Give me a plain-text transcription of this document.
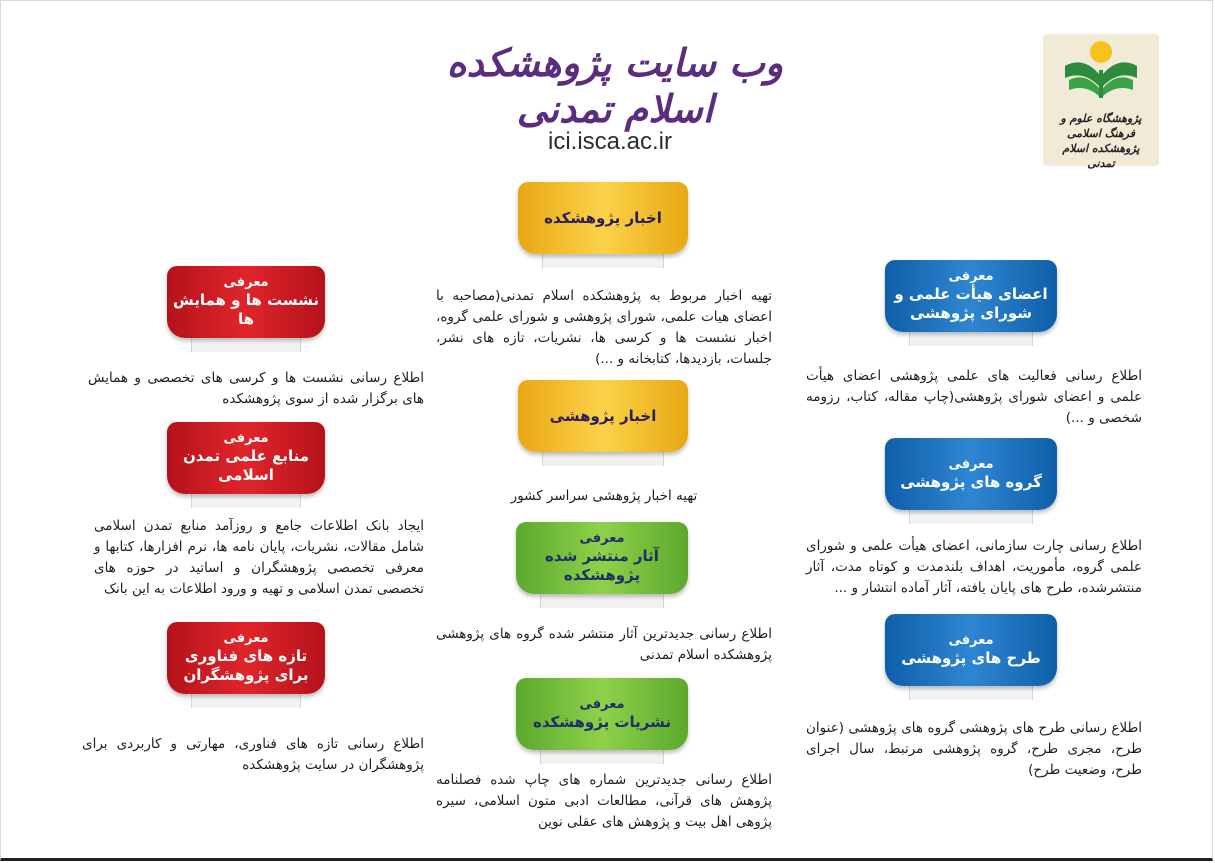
وب سایت پژوهشکده اسلام تمدنی
ici.isca.ac.ir
پژوهشگاه علوم و فرهنگ اسلامی پژوهشکده اسلام تمدنی
معرفی
نشست ها و همایش ها
اطلاع رسانی نشست ها و کرسی های تخصصی و همایش های برگزار شده از سوی پژوهشکده
معرفی
منابع علمی تمدن اسلامی
ایجاد بانک اطلاعات جامع و روزآمد منابع تمدن اسلامی شامل مقالات، نشریات، پایان نامه ها، نرم افزارها، کتابها و معرفی تخصصی پژوهشگران و اساتید در حوزه های تخصصی تمدن اسلامی و تهیه و ورود اطلاعات به این بانک
معرفی
تازه های فناوری برای پژوهشگران
اطلاع رسانی تازه های فناوری، مهارتی و کاربردی برای پژوهشگران در سایت پژوهشکده
اخبار پژوهشکده
تهیه اخبار مربوط به پژوهشکده اسلام تمدنی(مصاحبه با اعضای هیات علمی، شورای پژوهشی و شورای علمی گروه، اخبار نشست ها و کرسی ها، نشریات، تازه های نشر، جلسات، بازدیدها، کتابخانه و ...)
اخبار پژوهشی
تهیه اخبار پژوهشی سراسر کشور
معرفی
آثار منتشر شده پژوهشکده
اطلاع رسانی جدیدترین آثار منتشر شده گروه های پژوهشی پژوهشکده اسلام تمدنی
معرفی
نشریات پژوهشکده
اطلاع رسانی جدیدترین شماره های چاپ شده فصلنامه پژوهش های قرآنی، مطالعات ادبی متون اسلامی، سیره پژوهی اهل بیت و پژوهش های عقلی نوین
معرفی
اعضای هیأت علمی و شورای پژوهشی
اطلاع رسانی فعالیت های علمی پژوهشی اعضای هیأت علمی و اعضای شورای پژوهشی(چاپ مقاله، کتاب، رزومه شخصی و ...)
معرفی
گروه های پژوهشی
اطلاع رسانی چارت سازمانی، اعضای هیأت علمی و شورای علمی گروه، مأموریت، اهداف بلندمدت و کوتاه مدت، آثار منتشرشده، طرح های پایان یافته، آثار آماده انتشار و ...
معرفی
طرح های پژوهشی
اطلاع رسانی طرح های پژوهشی گروه های پژوهشی (عنوان طرح، مجری طرح، گروه پژوهشی مرتبط، سال اجرای طرح، وضعیت طرح)
